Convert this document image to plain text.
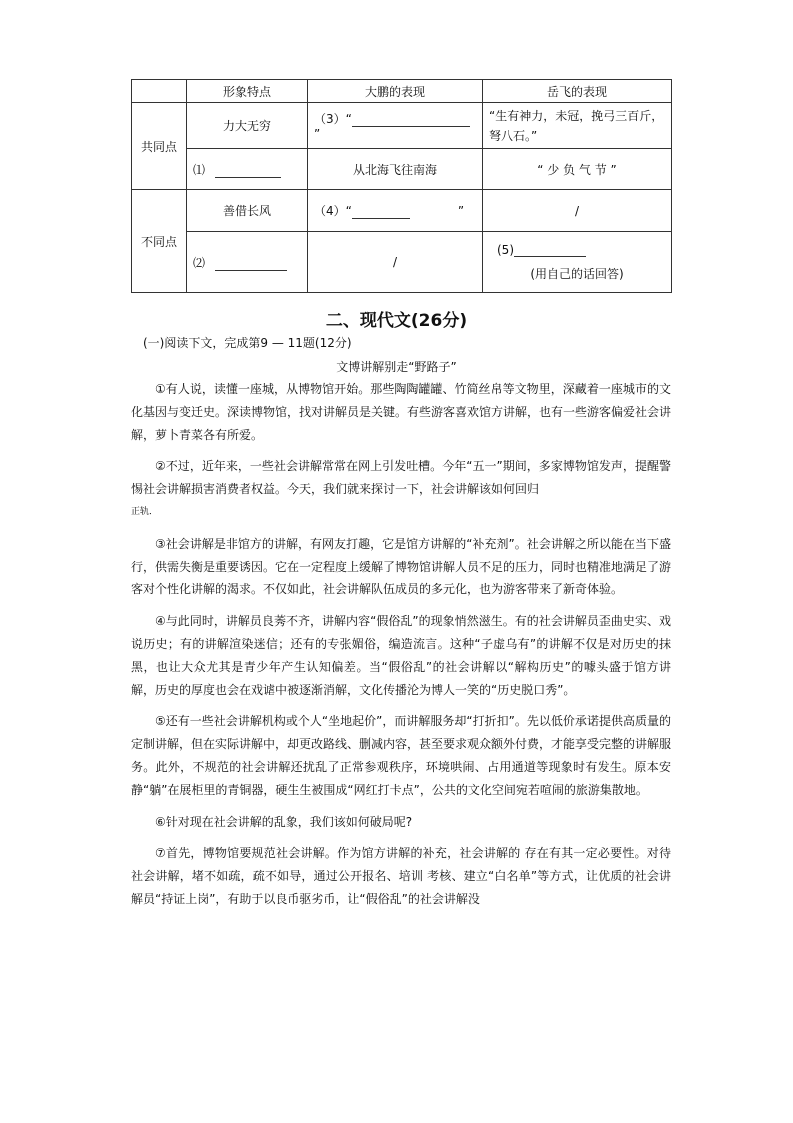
	形象特点	大鹏的表现	岳飞的表现
共同点	力大无穷	（3）“”	“生有神力，未冠，挽弓三百斤，弩八石。”
	⑴	从北海飞往南海	“ 少 负 气 节 ”
不同点	善借长风	（4）“ ”	/
	⑵	/	(5)
(用自己的话回答)
二、现代文(26分)
(一)阅读下文，完成第9 — 11题(12分)
文博讲解别走“野路子”

①有人说，读懂一座城，从博物馆开始。那些陶陶罐罐、竹简丝帛等文物里，深藏着一座城市的文化基因与变迁史。深读博物馆，找对讲解员是关键。有些游客喜欢馆方讲解，也有一些游客偏爱社会讲解，萝卜青菜各有所爱。

②不过，近年来，一些社会讲解常常在网上引发吐槽。今年“五一”期间，多家博物馆发声，提醒警惕社会讲解损害消费者权益。今天，我们就来探讨一下，社会讲解该如何回归

正轨．

③社会讲解是非馆方的讲解，有网友打趣，它是馆方讲解的“补充剂”。社会讲解之所以能在当下盛行，供需失衡是重要诱因。它在一定程度上缓解了博物馆讲解人员不足的压力，同时也精准地满足了游客对个性化讲解的渴求。不仅如此，社会讲解队伍成员的多元化，也为游客带来了新奇体验。

④与此同时，讲解员良莠不齐，讲解内容“假俗乱”的现象悄然滋生。有的社会讲解员歪曲史实、戏说历史；有的讲解渲染迷信；还有的专张媚俗，编造流言。这种“子虚乌有”的讲解不仅是对历史的抹黑，也让大众尤其是青少年产生认知偏差。当“假俗乱”的社会讲解以“解构历史”的噱头盛于馆方讲解，历史的厚度也会在戏谑中被逐渐消解，文化传播沦为博人一笑的“历史脱口秀”。

⑤还有一些社会讲解机构或个人“坐地起价”，而讲解服务却“打折扣”。先以低价承诺提供高质量的定制讲解，但在实际讲解中，却更改路线、删减内容，甚至要求观众额外付费，才能享受完整的讲解服务。此外，不规范的社会讲解还扰乱了正常参观秩序，环境哄闹、占用通道等现象时有发生。原本安静“躺”在展柜里的青铜器，硬生生被围成“网红打卡点”，公共的文化空间宛若喧闹的旅游集散地。

⑥针对现在社会讲解的乱象，我们该如何破局呢?

⑦首先，博物馆要规范社会讲解。作为馆方讲解的补充，社会讲解的 存在有其一定必要性。对待社会讲解，堵不如疏，疏不如导，通过公开报名、培训 考核、建立“白名单”等方式，让优质的社会讲解员“持证上岗”，有助于以良币驱劣币，让“假俗乱”的社会讲解没
